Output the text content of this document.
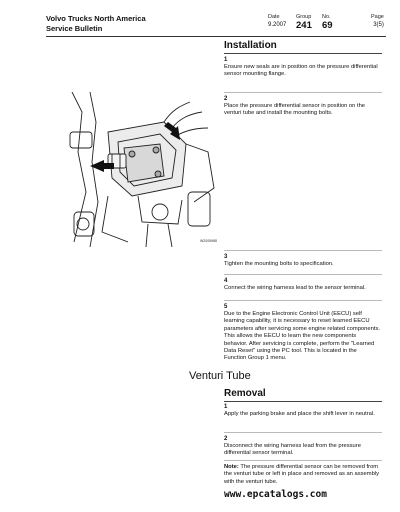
Volvo Trucks North America
Service Bulletin
Date
9.2007
Group
241
No.
69
Page
3(5)
Installation
1
Ensure new seals are in position on the pressure differential sensor mounting flange.
2
Place the pressure differential sensor in position on the venturi tube and install the mounting bolts.
W2005988
3
Tighten the mounting bolts to specification.
4
Connect the wiring harness lead to the sensor terminal.
5
Due to the Engine Electronic Control Unit (EECU) self learning capability, it is necessary to reset learned EECU parameters after servicing some engine related components. This allows the EECU to learn the new components behavior. After servicing is complete, perform the "Learned Data Reset" using the PC tool. This is located in the Function Group 1 menu.
Venturi Tube
Removal
1
Apply the parking brake and place the shift lever in neutral.
2
Disconnect the wiring harness lead from the pressure differential sensor terminal.
Note: The pressure differential sensor can be removed from the venturi tube or left in place and removed as an assembly with the venturi tube.
www.epcatalogs.com
